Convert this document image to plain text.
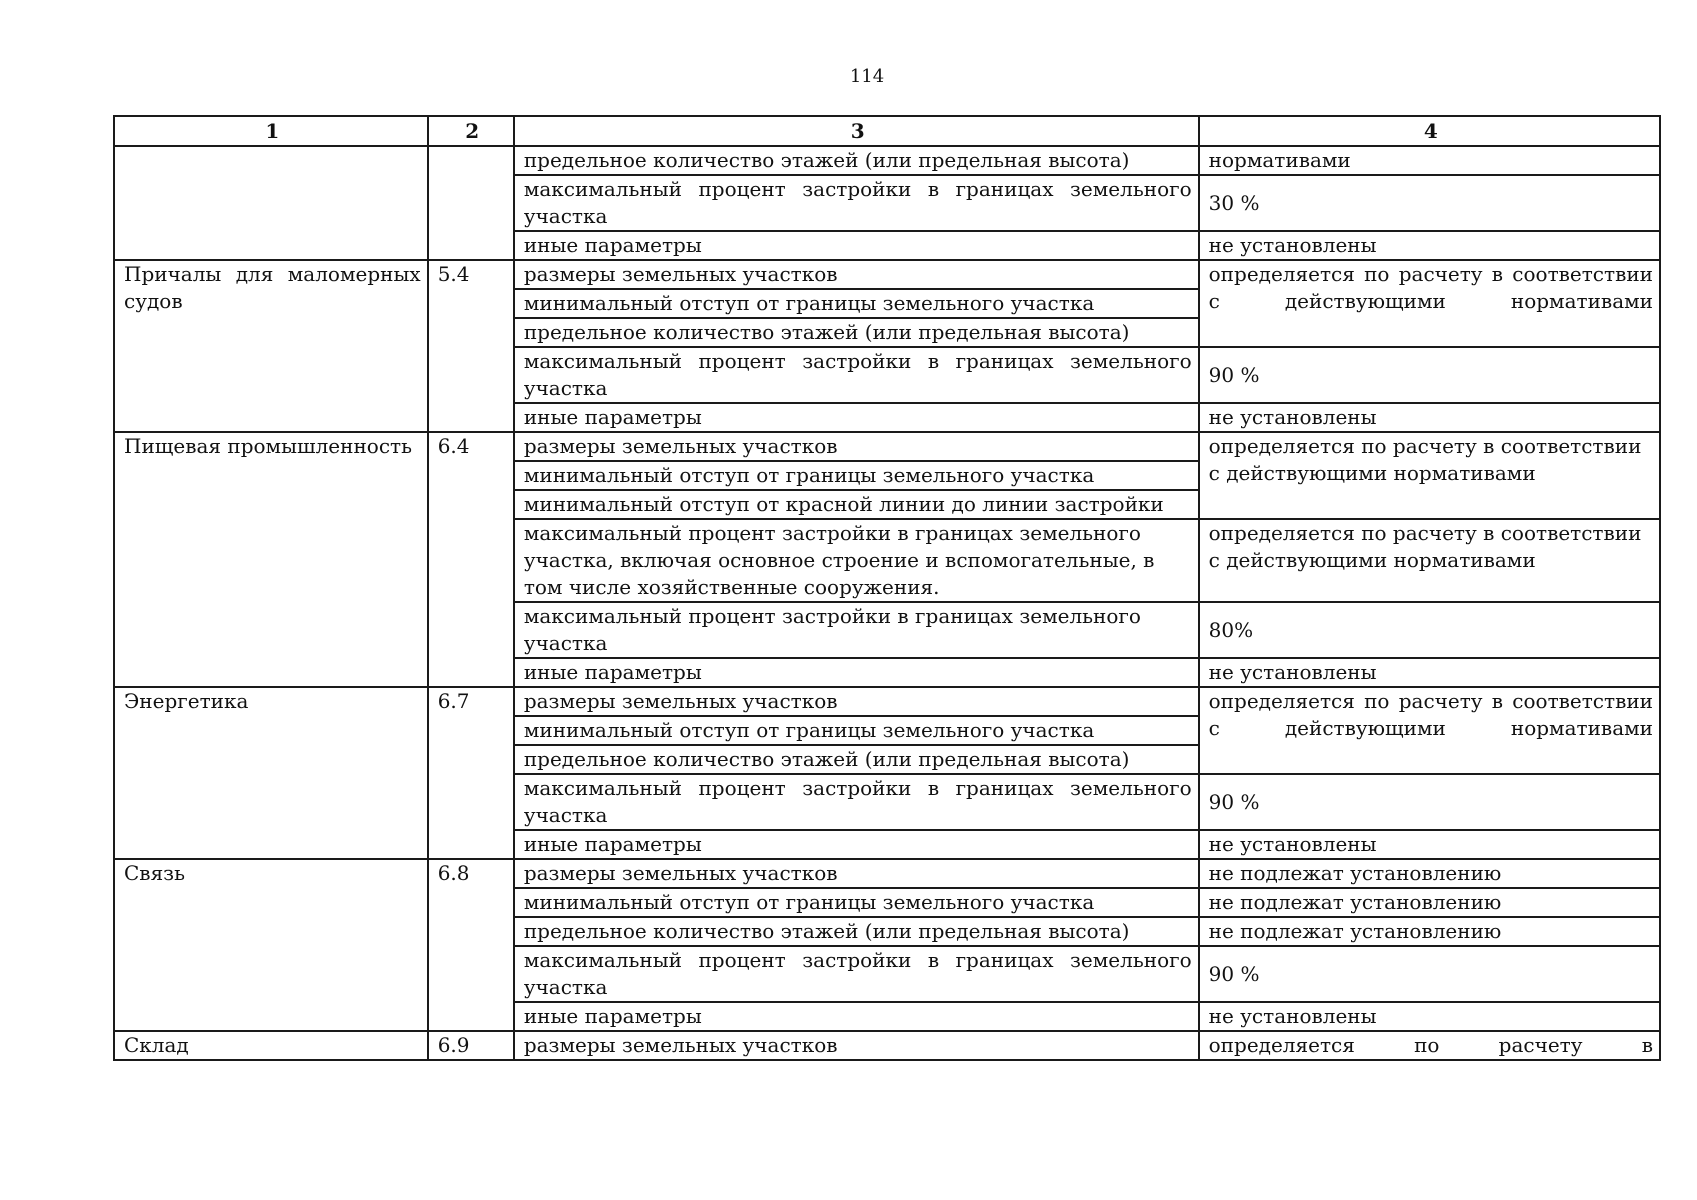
114
1	2	3	4
		предельное количество этажей (или предельная высота)	нормативами
		максимальный процент застройки в границах земельного участка	30 %
		иные параметры	не установлены
Причалы для маломерных судов	5.4	размеры земельных участков	определяется по расчету в соответствии с действующими нормативами
		минимальный отступ от границы земельного участка	
		предельное количество этажей (или предельная высота)	
		максимальный процент застройки в границах земельного участка	90 %
		иные параметры	не установлены
Пищевая промышленность	6.4	размеры земельных участков	определяется по расчету в соответствии с действующими нормативами
		минимальный отступ от границы земельного участка	
		минимальный отступ от красной линии до линии застройки	
		максимальный процент застройки в границах земельного участка, включая основное строение и вспомогательные, в том числе хозяйственные сооружения.	определяется по расчету в соответствии с действующими нормативами
		максимальный процент застройки в границах земельного участка	80%
		иные параметры	не установлены
Энергетика	6.7	размеры земельных участков	определяется по расчету в соответствии с действующими нормативами
		минимальный отступ от границы земельного участка	
		предельное количество этажей (или предельная высота)	
		максимальный процент застройки в границах земельного участка	90 %
		иные параметры	не установлены
Связь	6.8	размеры земельных участков	не подлежат установлению
		минимальный отступ от границы земельного участка	не подлежат установлению
		предельное количество этажей (или предельная высота)	не подлежат установлению
		максимальный процент застройки в границах земельного участка	90 %
		иные параметры	не установлены
Склад	6.9	размеры земельных участков	определяется по расчету в
